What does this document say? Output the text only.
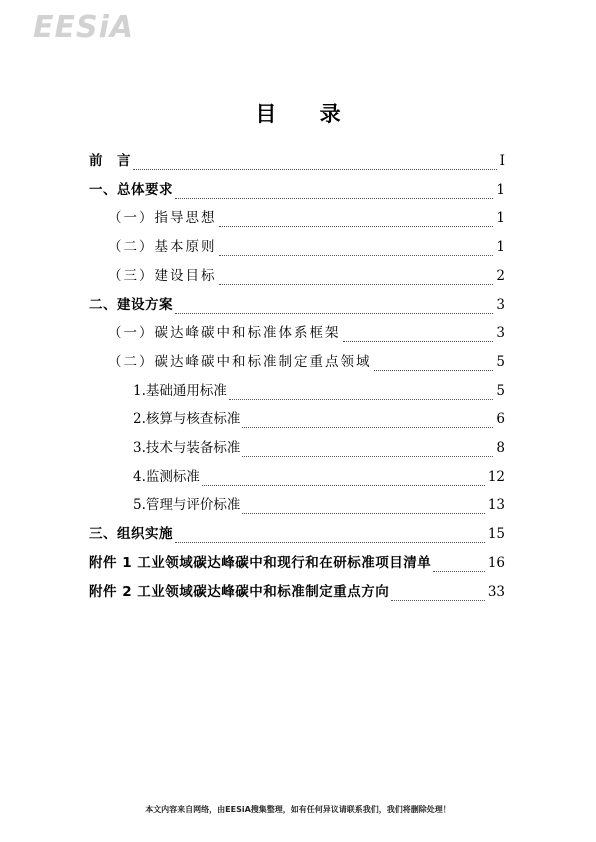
EESiA
目 录
前　言	I
一、总体要求	1
（一）指导思想	1
（二）基本原则	1
（三）建设目标	2
二、建设方案	3
（一）碳达峰碳中和标准体系框架	3
（二）碳达峰碳中和标准制定重点领域	5
1.基础通用标准	5
2.核算与核查标准	6
3.技术与装备标准	8
4.监测标准	12
5.管理与评价标准	13
三、组织实施	15
附件 1 工业领域碳达峰碳中和现行和在研标准项目清单	16
附件 2 工业领域碳达峰碳中和标准制定重点方向	33
本文内容来自网络，由EESiA搜集整理，如有任何异议请联系我们，我们将删除处理！
